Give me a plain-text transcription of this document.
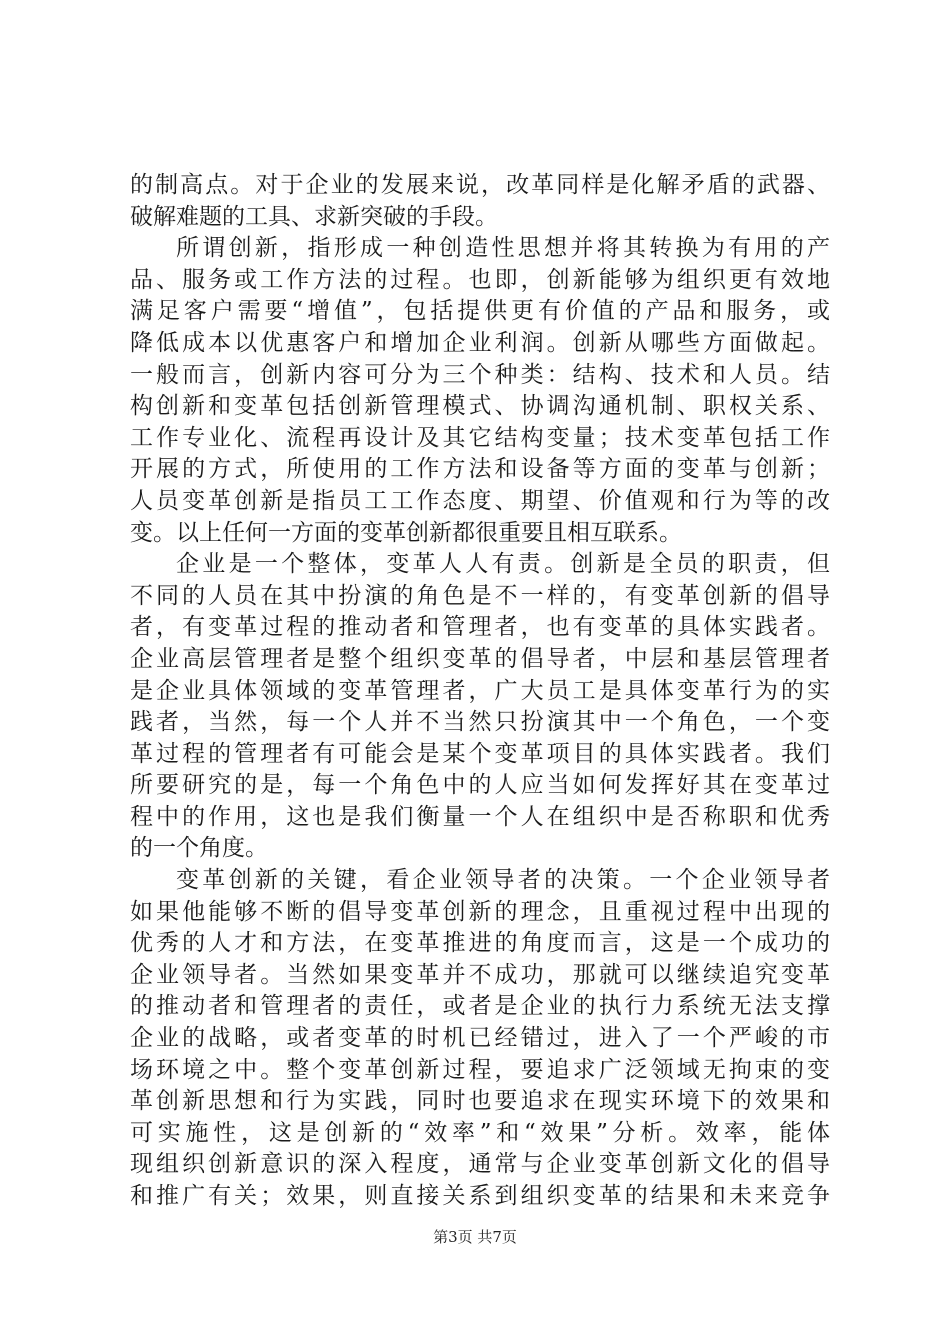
的制高点。对于企业的发展来说，改革同样是化解矛盾的武器、
破解难题的工具、求新突破的手段。
所谓创新，指形成一种创造性思想并将其转换为有用的产
品、服务或工作方法的过程。也即，创新能够为组织更有效地
满足客户需要“增值”，包括提供更有价值的产品和服务，或
降低成本以优惠客户和增加企业利润。创新从哪些方面做起。
一般而言，创新内容可分为三个种类：结构、技术和人员。结
构创新和变革包括创新管理模式、协调沟通机制、职权关系、
工作专业化、流程再设计及其它结构变量；技术变革包括工作
开展的方式，所使用的工作方法和设备等方面的变革与创新；
人员变革创新是指员工工作态度、期望、价值观和行为等的改
变。以上任何一方面的变革创新都很重要且相互联系。
企业是一个整体，变革人人有责。创新是全员的职责，但
不同的人员在其中扮演的角色是不一样的，有变革创新的倡导
者，有变革过程的推动者和管理者，也有变革的具体实践者。
企业高层管理者是整个组织变革的倡导者，中层和基层管理者
是企业具体领域的变革管理者，广大员工是具体变革行为的实
践者，当然，每一个人并不当然只扮演其中一个角色，一个变
革过程的管理者有可能会是某个变革项目的具体实践者。我们
所要研究的是，每一个角色中的人应当如何发挥好其在变革过
程中的作用，这也是我们衡量一个人在组织中是否称职和优秀
的一个角度。
变革创新的关键，看企业领导者的决策。一个企业领导者
如果他能够不断的倡导变革创新的理念，且重视过程中出现的
优秀的人才和方法，在变革推进的角度而言，这是一个成功的
企业领导者。当然如果变革并不成功，那就可以继续追究变革
的推动者和管理者的责任，或者是企业的执行力系统无法支撑
企业的战略，或者变革的时机已经错过，进入了一个严峻的市
场环境之中。整个变革创新过程，要追求广泛领域无拘束的变
革创新思想和行为实践，同时也要追求在现实环境下的效果和
可实施性，这是创新的“效率”和“效果”分析。效率，能体
现组织创新意识的深入程度，通常与企业变革创新文化的倡导
和推广有关；效果，则直接关系到组织变革的结果和未来竞争
第3页 共7页
